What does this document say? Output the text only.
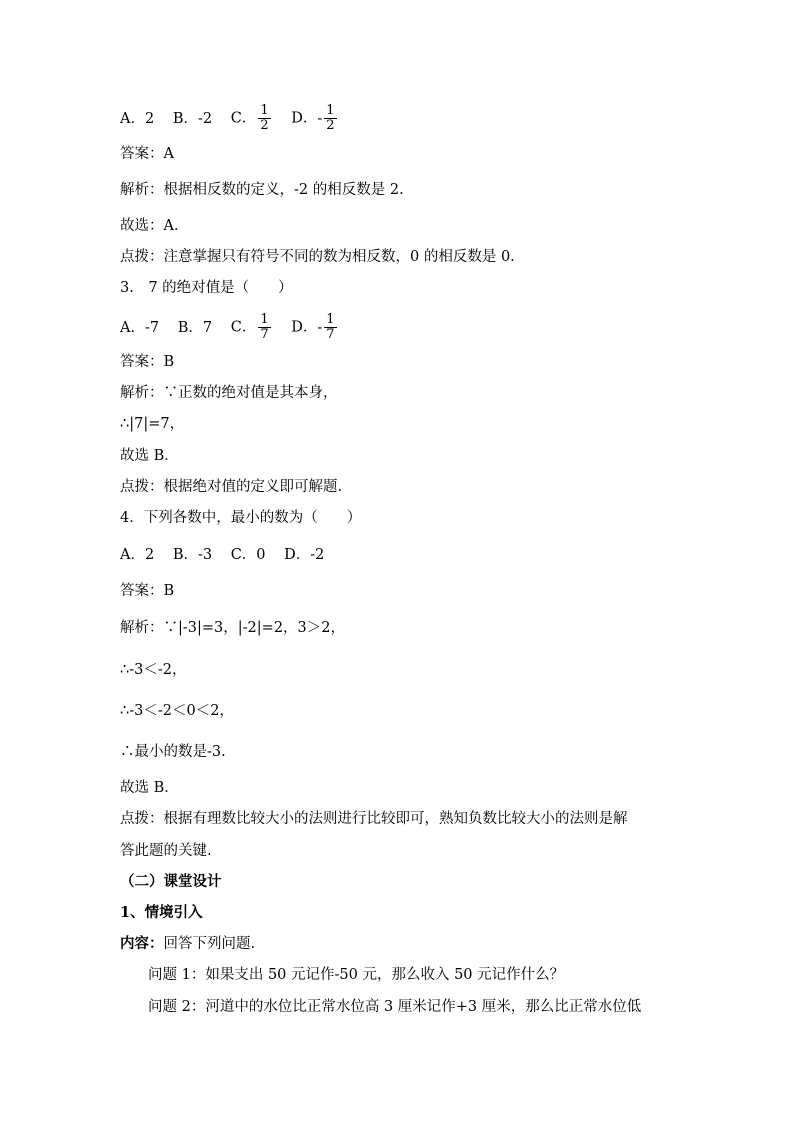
A．2 B．-2 C． $\frac{1}{2}$ D． - $\frac{1}{2}$
答案：A
解析：根据相反数的定义，-2 的相反数是 2.
故选：A．
点拨：注意掌握只有符号不同的数为相反数，0 的相反数是 0.
3.　7 的绝对值是（　　）
A．-7 B．7 C． $\frac{1}{7}$ D． - $\frac{1}{7}$
答案：B
解析：∵正数的绝对值是其本身，
∴|7|=7，
故选 B．
点拨：根据绝对值的定义即可解题.
4．下列各数中，最小的数为（　　）
A．2 B．-3 C．0 D．-2
答案：B
解析：∵|-3|=3，|-2|=2，3＞2，
∴-3＜-2，
∴-3＜-2＜0＜2，
∴最小的数是-3.
故选 B．
点拨：根据有理数比较大小的法则进行比较即可，熟知负数比较大小的法则是解
答此题的关键.
（二）课堂设计
1、情境引入
内容：回答下列问题.
问题 1：如果支出 50 元记作-50 元，那么收入 50 元记作什么？
问题 2：河道中的水位比正常水位高 3 厘米记作+3 厘米，那么比正常水位低
